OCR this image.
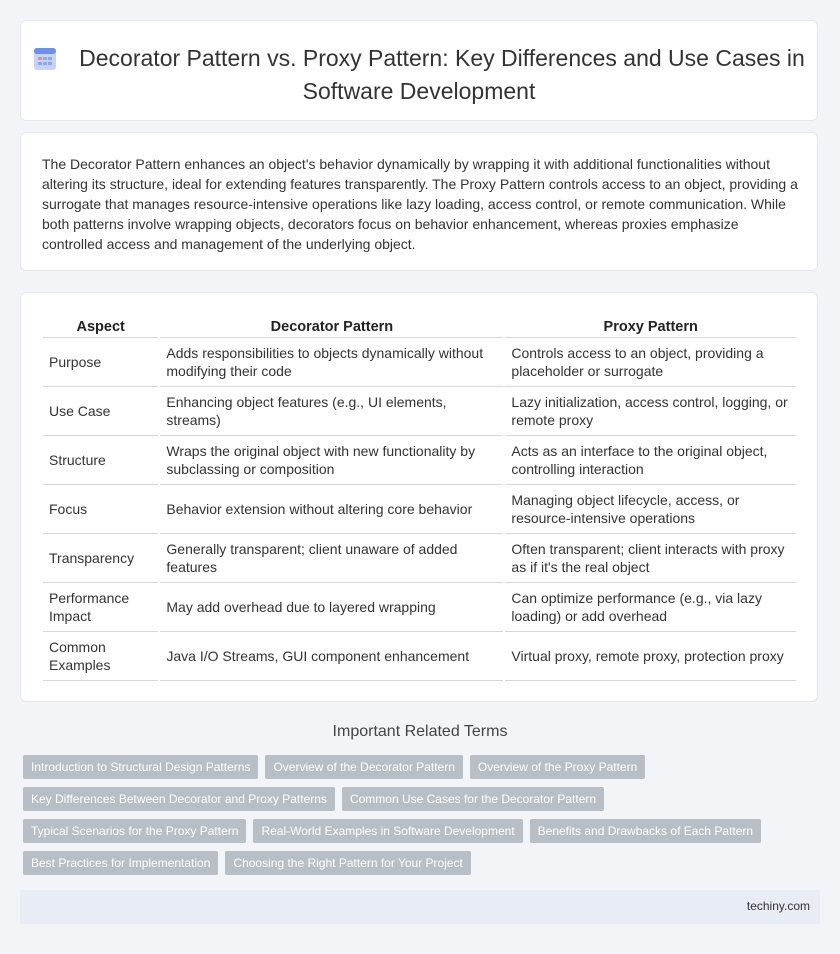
Decorator Pattern vs. Proxy Pattern: Key Differences and Use Cases in Software Development

The Decorator Pattern enhances an object's behavior dynamically by wrapping it with additional functionalities without altering its structure, ideal for extending features transparently. The Proxy Pattern controls access to an object, providing a surrogate that manages resource-intensive operations like lazy loading, access control, or remote communication. While both patterns involve wrapping objects, decorators focus on behavior enhancement, whereas proxies emphasize controlled access and management of the underlying object.

Aspect	Decorator Pattern	Proxy Pattern
Purpose	Adds responsibilities to objects dynamically without modifying their code	Controls access to an object, providing a placeholder or surrogate
Use Case	Enhancing object features (e.g., UI elements, streams)	Lazy initialization, access control, logging, or remote proxy
Structure	Wraps the original object with new functionality by subclassing or composition	Acts as an interface to the original object, controlling interaction
Focus	Behavior extension without altering core behavior	Managing object lifecycle, access, or resource-intensive operations
Transparency	Generally transparent; client unaware of added features	Often transparent; client interacts with proxy as if it's the real object
Performance Impact	May add overhead due to layered wrapping	Can optimize performance (e.g., via lazy loading) or add overhead
Common Examples	Java I/O Streams, GUI component enhancement	Virtual proxy, remote proxy, protection proxy
Important Related Terms
Introduction to Structural Design Patterns	Overview of the Decorator Pattern	Overview of the Proxy Pattern
Key Differences Between Decorator and Proxy Patterns	Common Use Cases for the Decorator Pattern
Typical Scenarios for the Proxy Pattern	Real-World Examples in Software Development	Benefits and Drawbacks of Each Pattern
Best Practices for Implementation	Choosing the Right Pattern for Your Project
techiny.com
